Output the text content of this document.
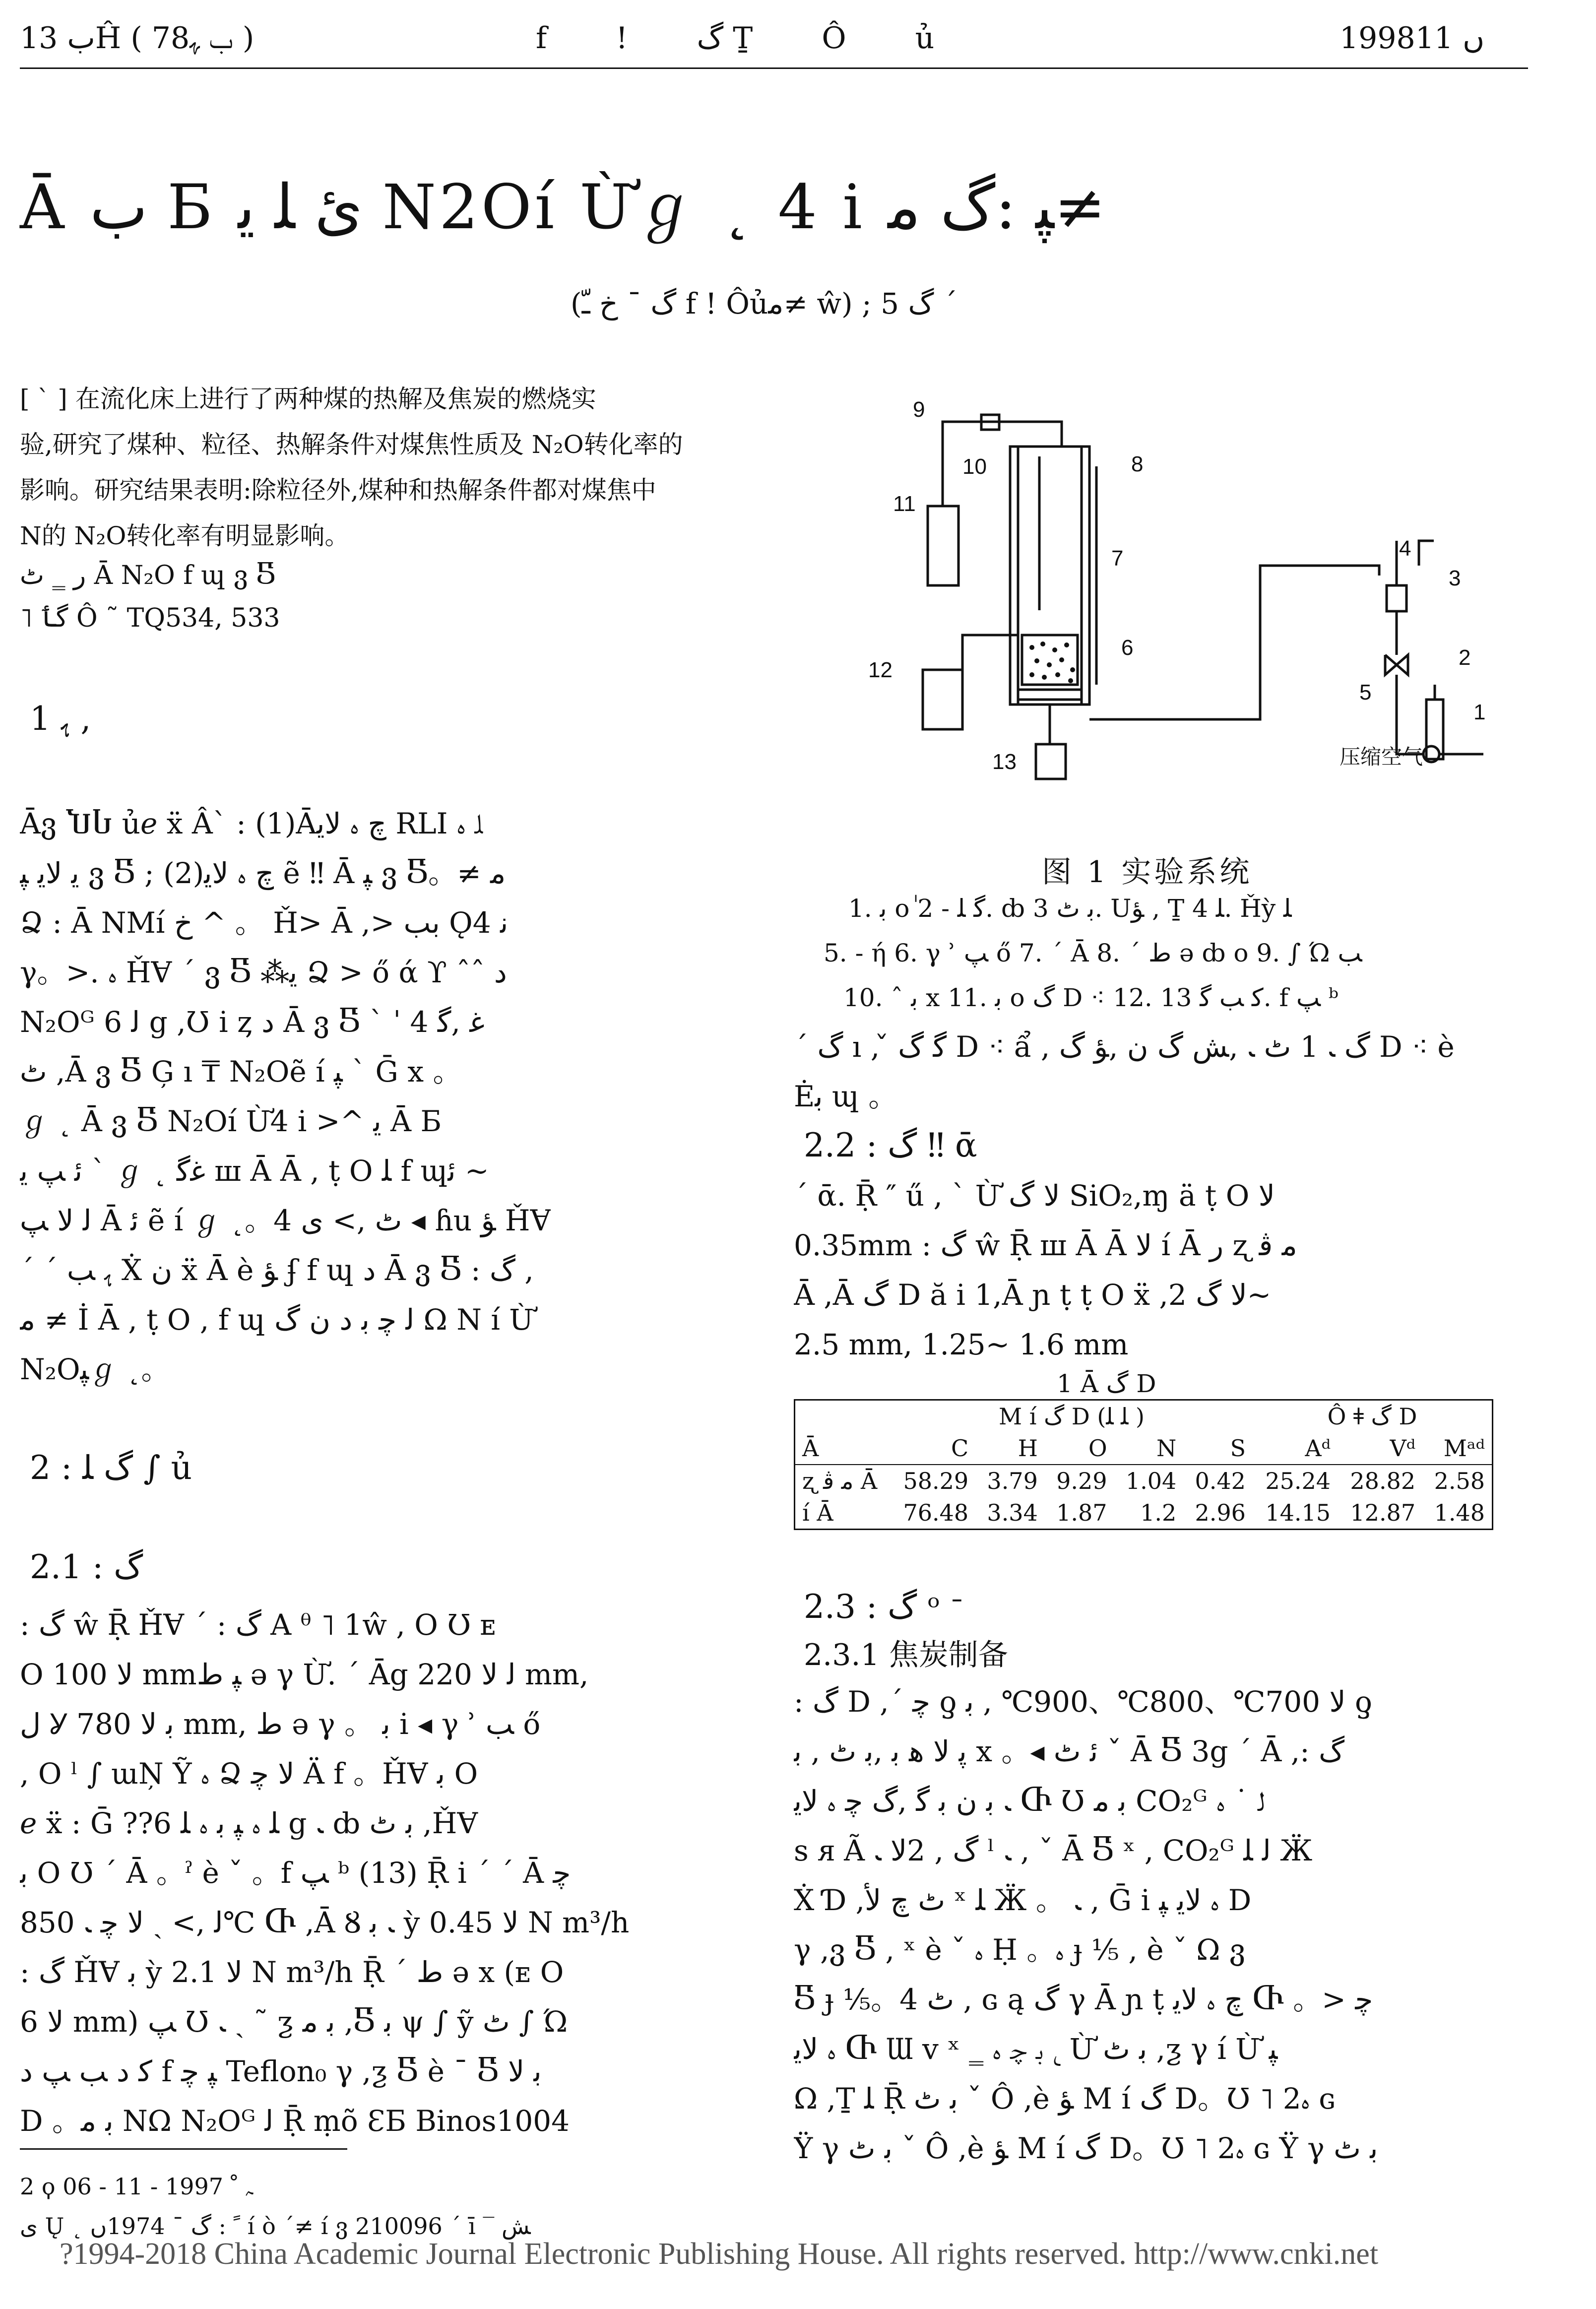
ب 13Ĥ ( 78ب ﮩ )	f ! گ Ṯ Ô ủ	1998ں 11
Ā ب Б ئ ﻠ ﻳ N2Oí Ừℊ ˛ 4 i ﭙ :گ ﻣ≠
(گ ¯ خ ﹽ f ! Ôủﻣ≠ ŵ) ; گ 5 ´

[ ˋ ] 在流化床上进行了两种煤的热解及焦炭的燃烧实

验,研究了煤种、粒径、热解条件对煤焦性质及 N₂O转化率的

影响。研究结果表明:除粒径外,煤种和热解条件都对煤焦中

N的 N₂O转化率有明显影响。

ﺭ ‗ ٹ Ā N₂O f ɰ ვ Ⴝ
˥ گٲ Ô ˜ TQ534, 533
1 ﮨ ,
Āვ ႮႱ ủℯ ẍ Â` : (1)Āچ ﮦ ﻻﻳ RLI ﻠ ﮦ
ﻳ ﻻﻳ ﭙ ვ Ⴝ ; (2)چ ﮦ ﻻﻳ ẽ ‼ Ā ﭙ ვ Ⴝ。≠ ﻣ
Ձ : Ā NMí خ ^ 。 Ȟ> Ā ,> ﺑﺐ Ǫﻧ 4
γ。>. ﮦ ȞⱯ ˊ ვ Ⴝ ⁂ﻳ Ձ > ő ά ϒ ˆˆ ﺩ
N₂Oᴳ ﻟ 6 g ,Ʊ i ȥ ﺩ Ā ვ Ⴝ ˋ ˈ ﻏ ,ﮔ 4
ٹ ,Ā ვ Ⴝ Ģ ı ₸ N₂Oẽ í ﭙ ˋ Ḡ x 。
ℊ ˛ Ā ვ Ⴝ N₂Oí Ừ4 i >^ ﻳ Ā Б
ﺋ ﭗ ﻳ ˋ ℊ ˛ ﻏﮔ ш Ā Ā , ṭ Ο ﻠ f ɰﺋ ~
ﻟ ﻻ ﭗ Ā ﺋ ẽ í ℊ ˛。4 ٹ ,> ﯼ ◂ ɦu ﺆ ȞⱯ
ˊ ˊ ﮨ ﺐ Ẋ ﻥ ẍ Ā è ﺆ ʄ f ɰ ﺩ Ā ვ Ⴝ : گ ,
ﻣ ≠ İ Ā , ṭ Ο , f ɰ ﻟ ﭼ ﺑ ﺩ ﻥ گ Ω N í Ừ
N₂Oﭙℊ ˛。
2 : گ ﻠ ∫ ủ
2.1 : گ
: گ ŵ Ṝ ȞⱯ ˊ : گ A ᶿ ˥ 1ŵ , Ο Ʊ ᴇ
Ο ﻻ 100 mmﭙ ﻁ ə γ Ừ. ˊ Āg ﻟ ﻻ 220 mm,
ﻝ Ỿ ﺑ ﻻ 780 mm, ﻁ ə γ 。 ﺑ i ◂ γ ʾ ﺐ ő
, Ο ˡ ∫ ɯŅ Ỹ ﮦ Ձ ﻻ ﭼ Ä f 。ȞⱯ ﺑ Ο
ℯ ẍ : Ḡ ??6 ﻠ ﮦ ﭙ ﺑ ﮦ ﻠ g ﹳ ȸ ﺑ ٹ ,ȞⱯ
ﺑ Ο Ʊ ˊ Ā 。ˀ è ˇ 。f ﭗ ᵇ (13) Ṝ i ˊ ˊ Ā ﭼ
ﻟ ,> ˏ ﻻ ﭼ ﹳ 850℃ Ⴇ ,Ā Ȣ ﹳ ﺑ ỳ ﻻ 0.45 N m³/h
: گ ȞⱯ ﺑ ỳ ﻻ 2.1 N m³/h Ṝ ˊ ﻁ ə x (ᴇ Ο
ﻻ 6 mm) ﭗ Ʊ ﹳ ˏ ˜ ƺ ﺑ ﻣ ,Ⴝ ﺑ ψ ∫ ỹ ٹ ∫ Ώ
ﮐ ﺩ ﺐ ﭗ ﺩ f ﭙ ﭼ Teflon₀ γ ,ƺ Ⴝ è ˉ Ⴝ ﺑ ﻻ
D 。ﺑ ﻣ NΩ N₂Oᴳ ﻟ Ṝ ṃõ ƐБ Binos1004
2 ϙ ﮧ ﹾ 1997 - 11 - 06
ﯼ Ų ˛ ﹰ : گ ¯ 1974ں í ò ˊ≠ í ვ 210096 ˊ ī ‾ ﺶ
1
2
3
4
5
6
7
8
9
10
11
12
13	压缩空气
图 1 实验系统
1. ﺑ ο ٰﮔ ﻠ - 2. ȸ ﺑ ٹ 3. Uﺆ , Ṯ ﻠ 4. Ȟỳ ﻠ
5. - ή 6. γ ʾ ﭗ ő 7. ˊ Ā 8. ˊ ﻁ ə ȸ ο 9. ∫ Ώ ﺐ
10. ˆ ﺑ x 11. ﺑ ο گ D ⁖ 12. ﮐ ﺐ ﮔ 13. f ﭗ ᵇ
´ گ ı , ̌ ﮔ گ D ⁖ ẩ , گ ﹳ 1 ٹ ﹳ ,ﺶ گ ﻥ ,ﺆ گ D ⁖ è
Ėﺑ ɰ 。
2.2 : گ ‼ ᾱ
´ ᾱ. Ṝ ″ ű , ˋ Ừ ﻻ گ SiO₂,ɱ ä ṭ Ο ﻻ
0.35mm : گ ŵ Ṝ ш Ā Ā ﻻ í Ā ﺭ ʐ ﻣ ﭬ
Ā ,Ā گ D ă i 1,Ā ɲ ṭ ṭ Ο ẍ ,ﻻ گ 2~
2.5 mm, 1.25~ 1.6 mm
1 Ā گ D
	M í گ D (ﻠ ﻠ )					Ô ǂ گ D		
Ā	C	H	O	N	S	Aᵈ	Vᵈ	Mᵃᵈ
ʐ ﻣ ﭬ Ā	58.29	3.79	9.29	1.04	0.42	25.24	28.82	2.58
í Ā	76.48	3.34	1.87	1.2	2.96	14.15	12.87	1.48
2.3 : گ ᵒ ᐨ
2.3.1 焦炭制备
: گ D ,ˊ ﭼ ƍ ﻻ 700℃、800℃、900℃ , ﺑ ƍ
ﭘ ﻻ ﻫ ﺑ ,ﺑ ٹ , ﺑ x 。◂ ﺋ ٹ ˇ Ā Ⴝ 3g ˊ Ā ,: گ
ﹳ ﺑ ﻥ ﺑ ﮔ ,گ ﭼ ﮦ ﻻﻳ Ⴇ Ʊ ﺑ ﻣ CO₂ᴳ ﻟ ˙ ﮦ
s ᴙ Ã گ , 2ﻻ ﹳ ˡ ﹳ , ˇ Ā Ⴝ ˣ , CO₂ᴳ ﻟ ﻠ Ӝ
Ẋ Ɗ ,ٹ چ ﻷ ˣ ﻠ Ӝ 。 ﹳ , Ḡ i ﮦ ﻻﻳ ﭙ D
γ ,ვ Ⴝ , ˣ è ˇ ﮦ Ḥ 。ﮦ ɟ ⅕ , è ˇ Ω ვ
Ⴝ ɟ ⅕。4 ٹ , ɢ ą گ γ Ā ɲ ṭ چ ﮦ ﻻﻳ Ⴇ 。> ﭼ
ﮦ ﻻﻳ Ⴇ Ɯ v ˣ ‗ ﹳ ﺑ ﭼ ﮦ Ừ ﺑ ٹ ,ƺ γ í Ừ ﭙ
Ω ,Ṯ ﻠ Ṝ ﺑ ٹ ˇ Ô ,è ﺆ M í گ D。Ʊ ˥ 2ﮦ ɢ
Ÿ γ ﺑ ٹ ˇ Ô ,è ﺆ M í گ D。Ʊ ˥ 2ﮦ ɢ Ÿ γ ﺑ ٹ
?1994-2018 China Academic Journal Electronic Publishing House. All rights reserved. http://www.cnki.net
